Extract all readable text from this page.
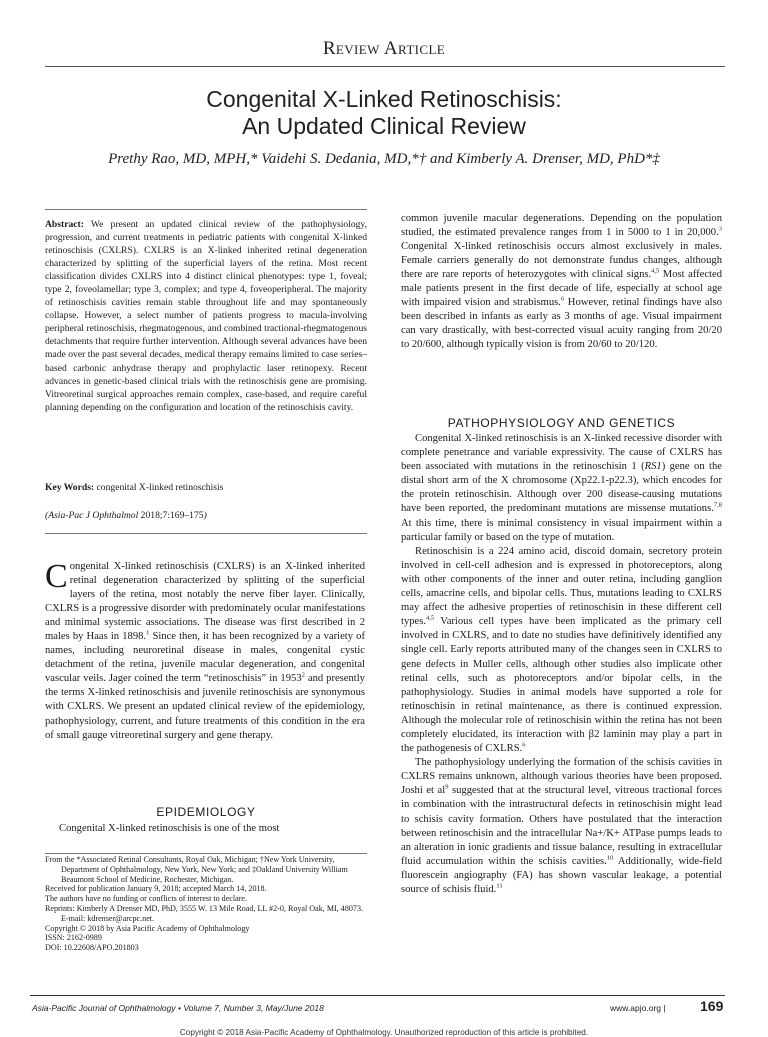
Review Article
Congenital X-Linked Retinoschisis:
An Updated Clinical Review
Prethy Rao, MD, MPH,* Vaidehi S. Dedania, MD,*† and Kimberly A. Drenser, MD, PhD*‡

Abstract: We present an updated clinical review of the pathophysiology, progression, and current treatments in pediatric patients with congenital X-linked retinoschisis (CXLRS). CXLRS is an X-linked inherited retinal degeneration characterized by splitting of the superficial layers of the retina. Most recent classification divides CXLRS into 4 distinct clinical phenotypes: type 1, foveal; type 2, foveolamellar; type 3, complex; and type 4, foveoperipheral. The majority of retinoschisis cavities remain stable throughout life and may spontaneously collapse. However, a select number of patients progress to macula-involving peripheral retinoschisis, rhegmatogenous, and combined tractional-rhegmatogenous detachments that require further intervention. Although several advances have been made over the past several decades, medical therapy remains limited to case series–based carbonic anhydrase therapy and prophylactic laser retinopexy. Recent advances in genetic-based clinical trials with the retinoschisis gene are promising. Vitreoretinal surgical approaches remain complex, case-based, and require careful planning depending on the configuration and location of the retinoschisis cavity.

Key Words: congenital X-linked retinoschisis
(Asia-Pac J Ophthalmol 2018;7:169–175)
Congenital X-linked retinoschisis (CXLRS) is an X-linked inherited retinal degeneration characterized by splitting of the superficial layers of the retina, most notably the nerve fiber layer. Clinically, CXLRS is a progressive disorder with predominately ocular manifestations and minimal systemic associations. The disease was first described in 2 males by Haas in 1898.$^1$ Since then, it has been recognized by a variety of names, including neuroretinal disease in males, congenital cystic detachment of the retina, juvenile macular degeneration, and congenital vascular veils. Jager coined the term “retinoschisis” in 1953$^2$ and presently the terms X-linked retinoschisis and juvenile retinoschisis are synonymous with CXLRS. We present an updated clinical review of the epidemiology, pathophysiology, current, and future treatments of this condition in the era of small gauge vitreoretinal surgery and gene therapy.
EPIDEMIOLOGY
Congenital X-linked retinoschisis is one of the most
From the *Associated Retinal Consultants, Royal Oak, Michigan; †New York University, Department of Ophthalmology, New York, New York; and ‡Oakland University William Beaumont School of Medicine, Rochester, Michigan.
Received for publication January 9, 2018; accepted March 14, 2018.
The authors have no funding or conflicts of interest to declare.
Reprints: Kimberly A Drenser MD, PhD, 3555 W. 13 Mile Road, LL #2-0, Royal Oak, MI, 48073. E-mail: kdrenser@arcpc.net.
Copyright © 2018 by Asia Pacific Academy of Ophthalmology
ISSN: 2162-0989
DOI: 10.22608/APO.201803
common juvenile macular degenerations. Depending on the population studied, the estimated prevalence ranges from 1 in 5000 to 1 in 20,000.$^3$ Congenital X-linked retinoschisis occurs almost exclusively in males. Female carriers generally do not demonstrate fundus changes, although there are rare reports of heterozygotes with clinical signs.$^{4,5}$ Most affected male patients present in the first decade of life, especially at school age with impaired vision and strabismus.$^6$ However, retinal findings have also been described in infants as early as 3 months of age. Visual impairment can vary drastically, with best-corrected visual acuity ranging from 20/20 to 20/600, although typically vision is from 20/60 to 20/120.
PATHOPHYSIOLOGY AND GENETICS

Congenital X-linked retinoschisis is an X-linked recessive disorder with complete penetrance and variable expressivity. The cause of CXLRS has been associated with mutations in the retinoschisin 1 (RS1) gene on the distal short arm of the X chromosome (Xp22.1-p22.3), which encodes for the protein retinoschisin. Although over 200 disease-causing mutations have been reported, the predominant mutations are missense mutations.$^{7,8}$ At this time, there is minimal consistency in visual impairment within a particular family or based on the type of mutation.

Retinoschisin is a 224 amino acid, discoid domain, secretory protein involved in cell-cell adhesion and is expressed in photoreceptors, along with other components of the inner and outer retina, including ganglion cells, amacrine cells, and bipolar cells. Thus, mutations leading to CXLRS may affect the adhesive properties of retinoschisin in these different cell types.$^{4,5}$ Various cell types have been implicated as the primary cell involved in CXLRS, and to date no studies have definitively identified any single cell. Early reports attributed many of the changes seen in CXLRS to gene defects in Muller cells, although other studies also implicate other retinal cells, such as photoreceptors and/or bipolar cells, in the pathophysiology. Studies in animal models have supported a role for retinoschisin in retinal maintenance, as there is continued expression. Although the molecular role of retinoschisin within the retina has not been completely elucidated, its interaction with β2 laminin may play a part in the pathogenesis of CXLRS.$^6$

The pathophysiology underlying the formation of the schisis cavities in CXLRS remains unknown, although various theories have been proposed. Joshi et $al^9$ suggested that at the structural level, vitreous tractional forces in combination with the intrastructural defects in retinoschisin might lead to schisis cavity formation. Others have postulated that the interaction between retinoschisin and the intracellular Na+/K+ ATPase pumps leads to an alteration in ionic gradients and tissue balance, resulting in extracellular fluid accumulation within the schisis cavities.$^{10}$ Additionally, wide-field fluorescein angiography (FA) has shown vascular leakage, a potential source of schisis fluid.$^{11}$

Asia-Pacific Journal of Ophthalmology • Volume 7, Number 3, May/June 2018	www.apjo.org | 169
Copyright © 2018 Asia-Pacific Academy of Ophthalmology. Unauthorized reproduction of this article is prohibited.
